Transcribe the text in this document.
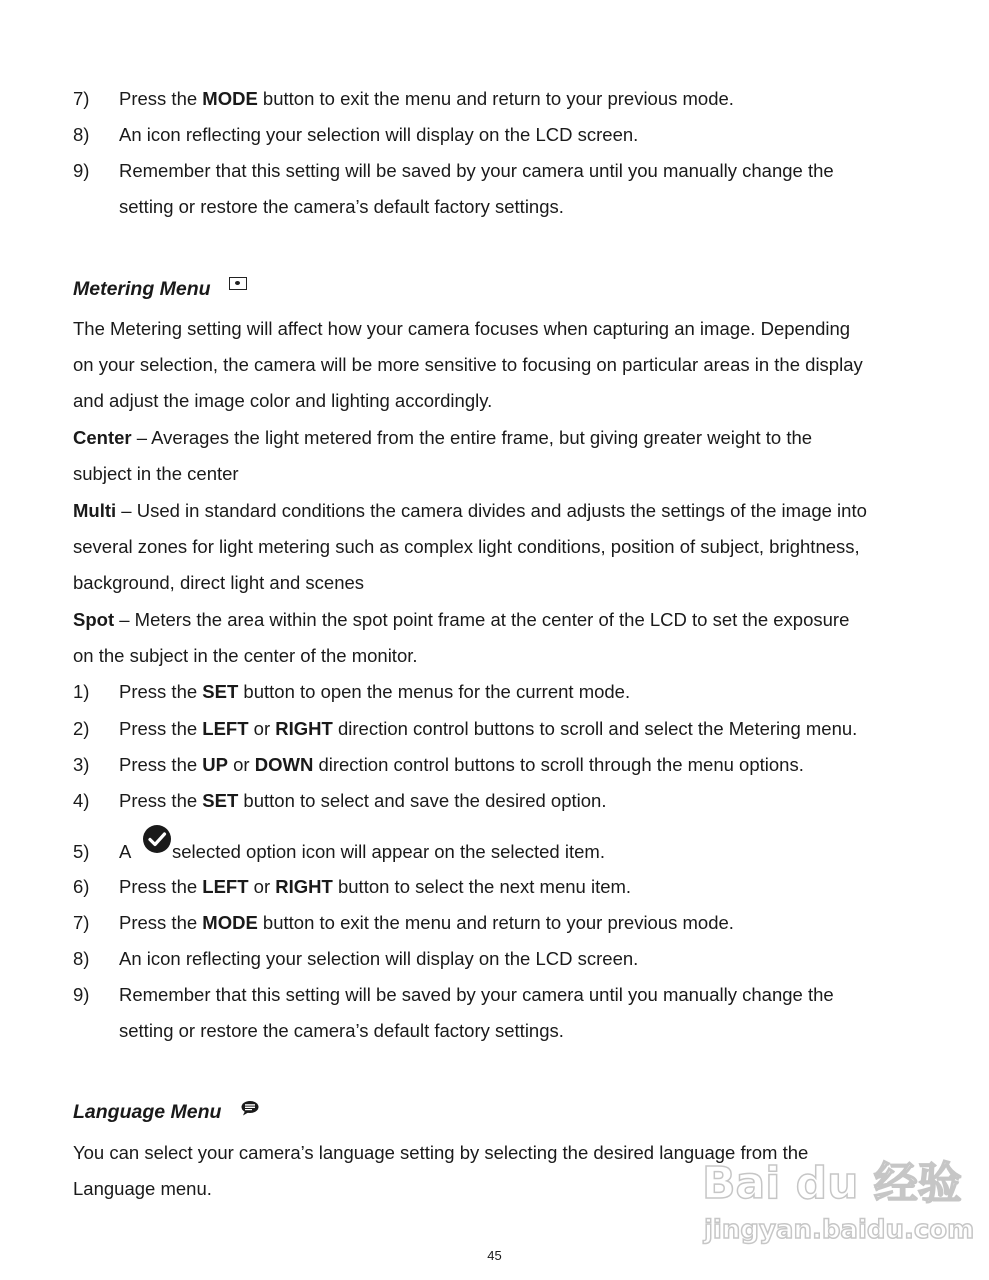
7) Press the MODE button to exit the menu and return to your previous mode.
8) An icon reflecting your selection will display on the LCD screen.
9) Remember that this setting will be saved by your camera until you manually change the
setting or restore the camera’s default factory settings.
Metering Menu
The Metering setting will affect how your camera focuses when capturing an image. Depending
on your selection, the camera will be more sensitive to focusing on particular areas in the display
and adjust the image color and lighting accordingly.
Center – Averages the light metered from the entire frame, but giving greater weight to the
subject in the center
Multi – Used in standard conditions the camera divides and adjusts the settings of the image into
several zones for light metering such as complex light conditions, position of subject, brightness,
background, direct light and scenes
Spot – Meters the area within the spot point frame at the center of the LCD to set the exposure
on the subject in the center of the monitor.
1) Press the SET button to open the menus for the current mode.
2) Press the LEFT or RIGHT direction control buttons to scroll and select the Metering menu.
3) Press the UP or DOWN direction control buttons to scroll through the menu options.
4) Press the SET button to select and save the desired option.
5) A selected option icon will appear on the selected item.
6) Press the LEFT or RIGHT button to select the next menu item.
7) Press the MODE button to exit the menu and return to your previous mode.
8) An icon reflecting your selection will display on the LCD screen.
9) Remember that this setting will be saved by your camera until you manually change the
setting or restore the camera’s default factory settings.
Language Menu
You can select your camera’s language setting by selecting the desired language from the
Language menu.	Bai du 经验
jingyan.baidu.com
45
